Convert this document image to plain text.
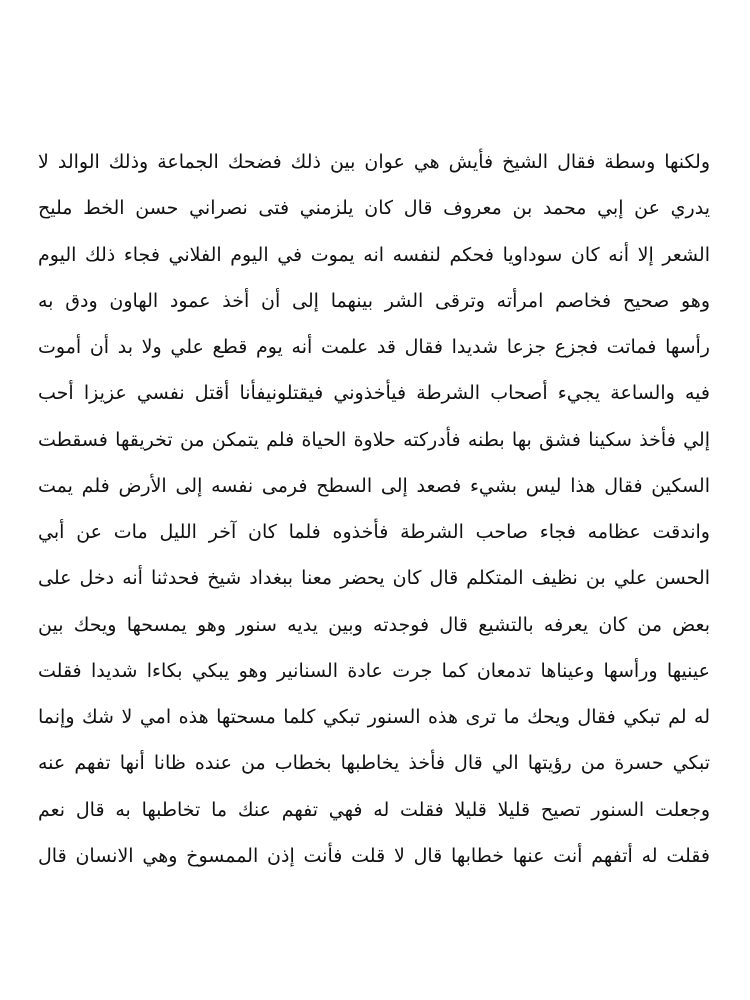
ولكنها وسطة فقال الشيخ فأيش هي عوان بين ذلك فضحك الجماعة وذلك الوالد لا
يدري عن إبي محمد بن معروف قال كان يلزمني فتى نصراني حسن الخط مليح
الشعر إلا أنه كان سوداويا فحكم لنفسه انه يموت في اليوم الفلاني فجاء ذلك اليوم
وهو صحيح فخاصم امرأته وترقى الشر بينهما إلى أن أخذ عمود الهاون ودق به
رأسها فماتت فجزع جزعا شديدا فقال قد علمت أنه يوم قطع علي ولا بد أن أموت
فيه والساعة يجيء أصحاب الشرطة فيأخذوني فيقتلونيفأنا أقتل نفسي عزيزا أحب
إلي فأخذ سكينا فشق بها بطنه فأدركته حلاوة الحياة فلم يتمكن من تخريقها فسقطت
السكين فقال هذا ليس بشيء فصعد إلى السطح فرمى نفسه إلى الأرض فلم يمت
واندقت عظامه فجاء صاحب الشرطة فأخذوه فلما كان آخر الليل مات عن أبي
الحسن علي بن نظيف المتكلم قال كان يحضر معنا ببغداد شيخ فحدثنا أنه دخل على
بعض من كان يعرفه بالتشيع قال فوجدته وبين يديه سنور وهو يمسحها ويحك بين
عينيها ورأسها وعيناها تدمعان كما جرت عادة السنانير وهو يبكي بكاءا شديدا فقلت
له لم تبكي فقال ويحك ما ترى هذه السنور تبكي كلما مسحتها هذه امي لا شك وإنما
تبكي حسرة من رؤيتها الي قال فأخذ يخاطبها بخطاب من عنده ظانا أنها تفهم عنه
وجعلت السنور تصيح قليلا قليلا فقلت له فهي تفهم عنك ما تخاطبها به قال نعم
فقلت له أتفهم أنت عنها خطابها قال لا قلت فأنت إذن الممسوخ وهي الانسان قال
